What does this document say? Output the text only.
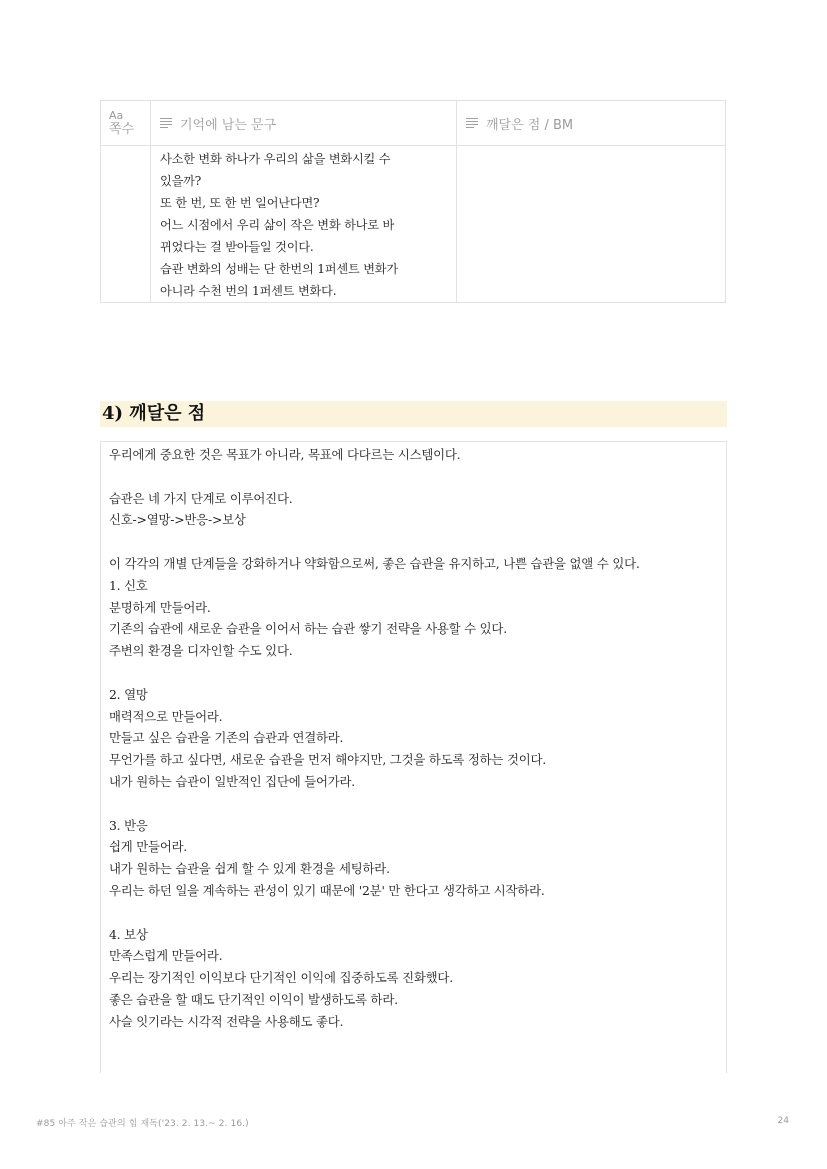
Aa
쪽수	기억에 남는 문구	깨달은 점 / BM

사소한 변화 하나가 우리의 삶을 변화시킬 수

있을까?

또 한 번, 또 한 번 일어난다면?

어느 시점에서 우리 삶이 작은 변화 하나로 바

뀌었다는 걸 받아들일 것이다.

습관 변화의 성배는 단 한번의 1퍼센트 변화가

아니라 수천 번의 1퍼센트 변화다.

4) 깨달은 점

우리에게 중요한 것은 목표가 아니라, 목표에 다다르는 시스템이다.

습관은 네 가지 단계로 이루어진다.

신호->열망->반응->보상

이 각각의 개별 단계들을 강화하거나 약화함으로써, 좋은 습관을 유지하고, 나쁜 습관을 없앨 수 있다.

1. 신호

분명하게 만들어라.

기존의 습관에 새로운 습관을 이어서 하는 습관 쌓기 전략을 사용할 수 있다.

주변의 환경을 디자인할 수도 있다.

2. 열망

매력적으로 만들어라.

만들고 싶은 습관을 기존의 습관과 연결하라.

무언가를 하고 싶다면, 새로운 습관을 먼저 해야지만, 그것을 하도록 정하는 것이다.

내가 원하는 습관이 일반적인 집단에 들어가라.

3. 반응

쉽게 만들어라.

내가 원하는 습관을 쉽게 할 수 있게 환경을 세팅하라.

우리는 하던 일을 계속하는 관성이 있기 때문에 '2분' 만 한다고 생각하고 시작하라.

4. 보상

만족스럽게 만들어라.

우리는 장기적인 이익보다 단기적인 이익에 집중하도록 진화했다.

좋은 습관을 할 때도 단기적인 이익이 발생하도록 하라.

사슬 잇기라는 시각적 전략을 사용해도 좋다.

#85 아주 작은 습관의 힘 재독('23. 2. 13.~ 2. 16.)	24
